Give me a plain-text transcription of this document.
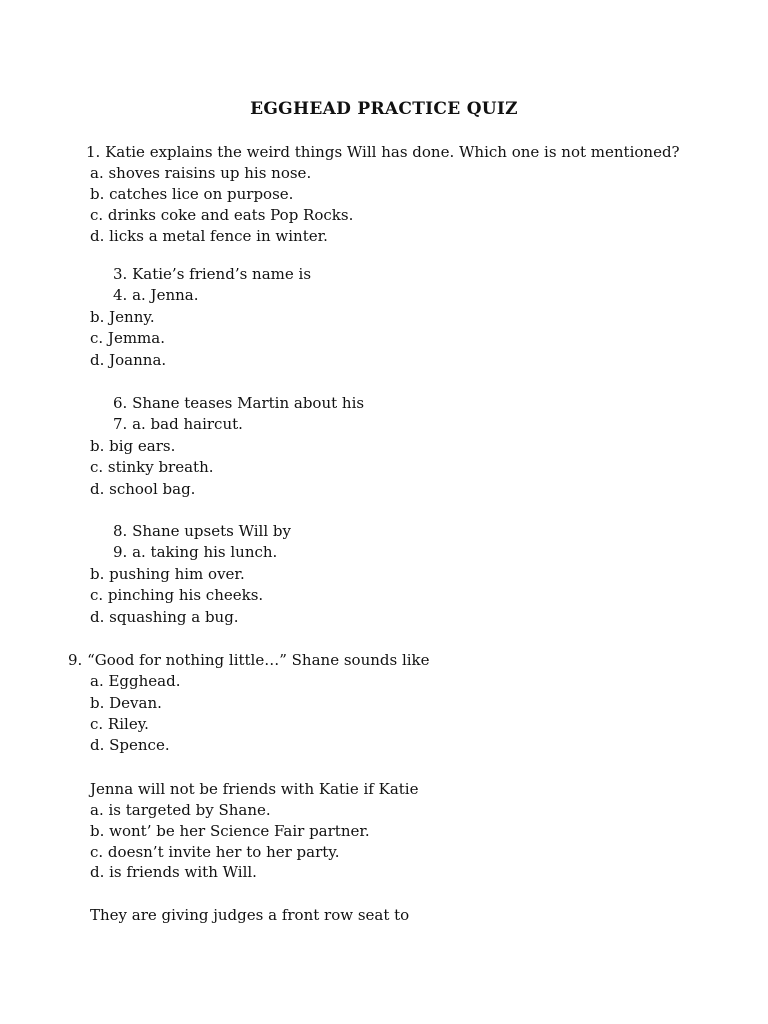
EGGHEAD PRACTICE QUIZ
1. Katie explains the weird things Will has done. Which one is not mentioned?
a. shoves raisins up his nose.
b. catches lice on purpose.
c. drinks coke and eats Pop Rocks.
d. licks a metal fence in winter.
3. Katie’s friend’s name is
4. a. Jenna.
b. Jenny.
c. Jemma.
d. Joanna.
6. Shane teases Martin about his
7. a. bad haircut.
b. big ears.
c. stinky breath.
d. school bag.
8. Shane upsets Will by
9. a. taking his lunch.
b. pushing him over.
c. pinching his cheeks.
d. squashing a bug.
9. “Good for nothing little…” Shane sounds like
a. Egghead.
b. Devan.
c. Riley.
d. Spence.
Jenna will not be friends with Katie if Katie
a. is targeted by Shane.
b. wont’ be her Science Fair partner.
c. doesn’t invite her to her party.
d. is friends with Will.
They are giving judges a front row seat to
